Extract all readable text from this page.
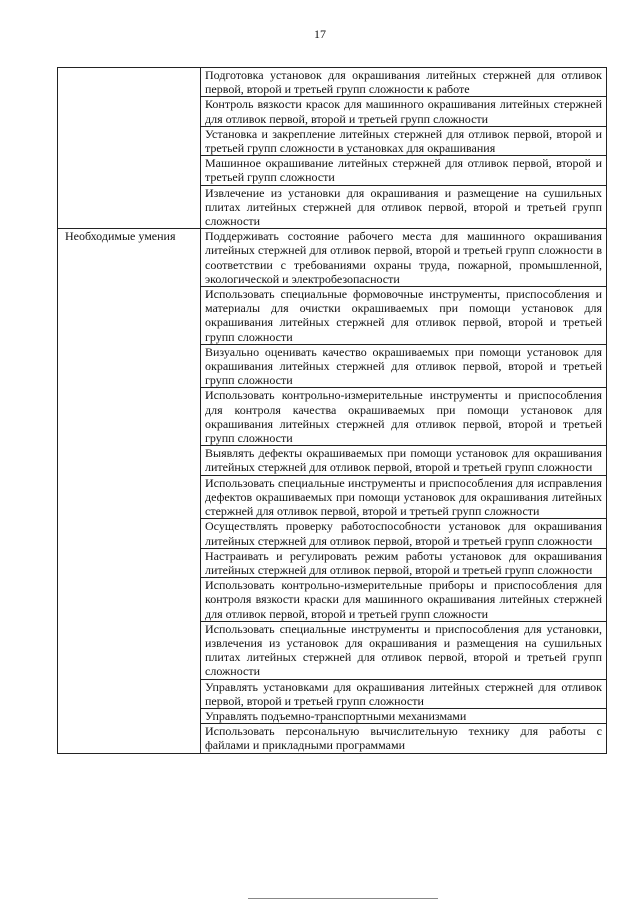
17

	Подготовка установок для окрашивания литейных стержней для отливок первой, второй и третьей групп сложности к работе

	Контроль вязкости красок для машинного окрашивания литейных стержней для отливок первой, второй и третьей групп сложности

	Установка и закрепление литейных стержней для отливок первой, второй и третьей групп сложности в установках для окрашивания

	Машинное окрашивание литейных стержней для отливок первой, второй и третьей групп сложности

	Извлечение из установки для окрашивания и размещение на сушильных плитах литейных стержней для отливок первой, второй и третьей групп сложности

Необходимые умения	Поддерживать состояние рабочего места для машинного окрашивания литейных стержней для отливок первой, второй и третьей групп сложности в соответствии с требованиями охраны труда, пожарной, промышленной, экологической и электробезопасности

	Использовать специальные формовочные инструменты, приспособления и материалы для очистки окрашиваемых при помощи установок для окрашивания литейных стержней для отливок первой, второй и третьей групп сложности

	Визуально оценивать качество окрашиваемых при помощи установок для окрашивания литейных стержней для отливок первой, второй и третьей групп сложности

	Использовать контрольно-измерительные инструменты и приспособления для контроля качества окрашиваемых при помощи установок для окрашивания литейных стержней для отливок первой, второй и третьей групп сложности

	Выявлять дефекты окрашиваемых при помощи установок для окрашивания литейных стержней для отливок первой, второй и третьей групп сложности

	Использовать специальные инструменты и приспособления для исправления дефектов окрашиваемых при помощи установок для окрашивания литейных стержней для отливок первой, второй и третьей групп сложности

	Осуществлять проверку работоспособности установок для окрашивания литейных стержней для отливок первой, второй и третьей групп сложности

	Настраивать и регулировать режим работы установок для окрашивания литейных стержней для отливок первой, второй и третьей групп сложности

	Использовать контрольно-измерительные приборы и приспособления для контроля вязкости краски для машинного окрашивания литейных стержней для отливок первой, второй и третьей групп сложности

	Использовать специальные инструменты и приспособления для установки, извлечения из установок для окрашивания и размещения на сушильных плитах литейных стержней для отливок первой, второй и третьей групп сложности

	Управлять установками для окрашивания литейных стержней для отливок первой, второй и третьей групп сложности

	Управлять подъемно-транспортными механизмами

	Использовать персональную вычислительную технику для работы с файлами и прикладными программами
